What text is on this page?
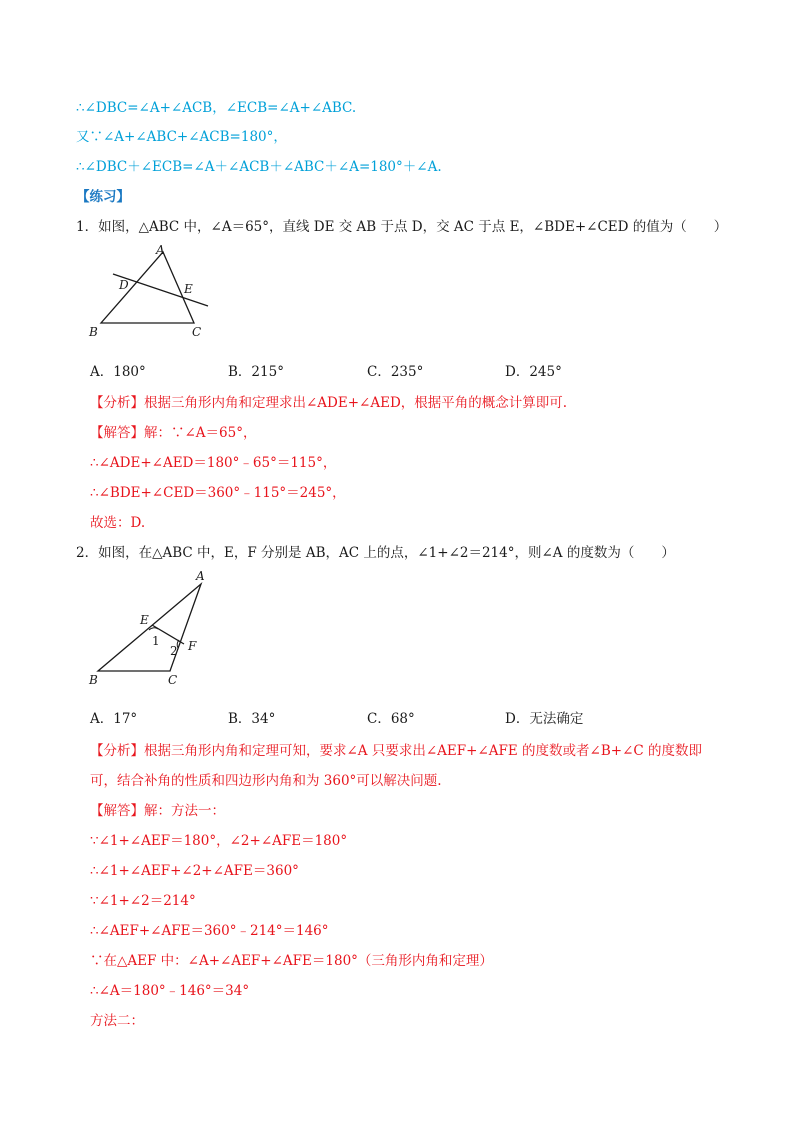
∴∠DBC=∠A+∠ACB，∠ECB=∠A+∠ABC.
又∵∠A+∠ABC+∠ACB=180°，
∴∠DBC＋∠ECB=∠A＋∠ACB＋∠ABC＋∠A=180°＋∠A.
【练习】
1．如图，△ABC 中，∠A＝65°，直线 DE 交 AB 于点 D，交 AC 于点 E，∠BDE+∠CED 的值为（　　）
A
D	E
B	C
A．180°	B．215°	C．235°	D．245°
【分析】根据三角形内角和定理求出∠ADE+∠AED，根据平角的概念计算即可.
【解答】解：∵∠A＝65°，
∴∠ADE+∠AED＝180°﹣65°＝115°，
∴∠BDE+∠CED＝360°﹣115°＝245°，
故选：D.
2．如图，在△ABC 中，E，F 分别是 AB，AC 上的点，∠1+∠2＝214°，则∠A 的度数为（　　）
A
E
F
1
2
B	C
A．17°	B．34°	C．68°	D．无法确定
【分析】根据三角形内角和定理可知，要求∠A 只要求出∠AEF+∠AFE 的度数或者∠B+∠C 的度数即
可，结合补角的性质和四边形内角和为 360°可以解决问题.
【解答】解：方法一：
∵∠1+∠AEF＝180°，∠2+∠AFE＝180°
∴∠1+∠AEF+∠2+∠AFE＝360°
∵∠1+∠2＝214°
∴∠AEF+∠AFE＝360°﹣214°＝146°
∵在△AEF 中：∠A+∠AEF+∠AFE＝180°（三角形内角和定理）
∴∠A＝180°﹣146°＝34°
方法二：
